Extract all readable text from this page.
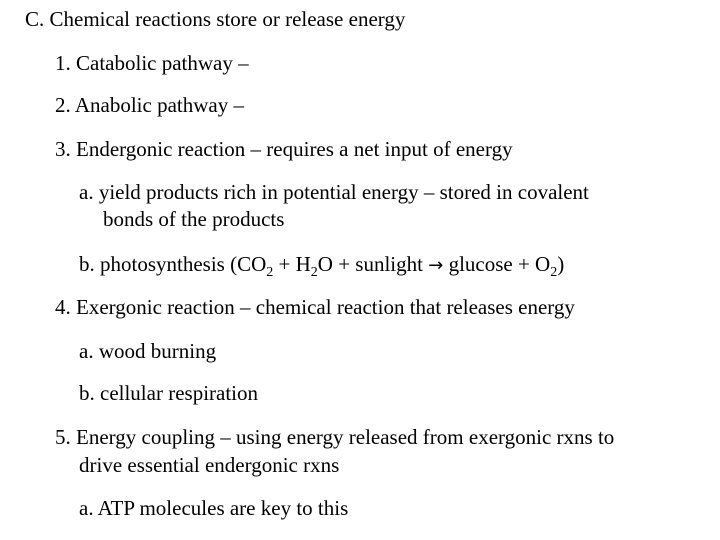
C. Chemical reactions store or release energy
1. Catabolic pathway –
2. Anabolic pathway –
3. Endergonic reaction – requires a net input of energy
a. yield products rich in potential energy – stored in covalent
bonds of the products
b. photosynthesis ($CO_2 + H_2O$ + sunlight → $glucose + O_2$)
4. Exergonic reaction – chemical reaction that releases energy
a. wood burning
b. cellular respiration
5. Energy coupling – using energy released from exergonic rxns to
drive essential endergonic rxns
a. ATP molecules are key to this
